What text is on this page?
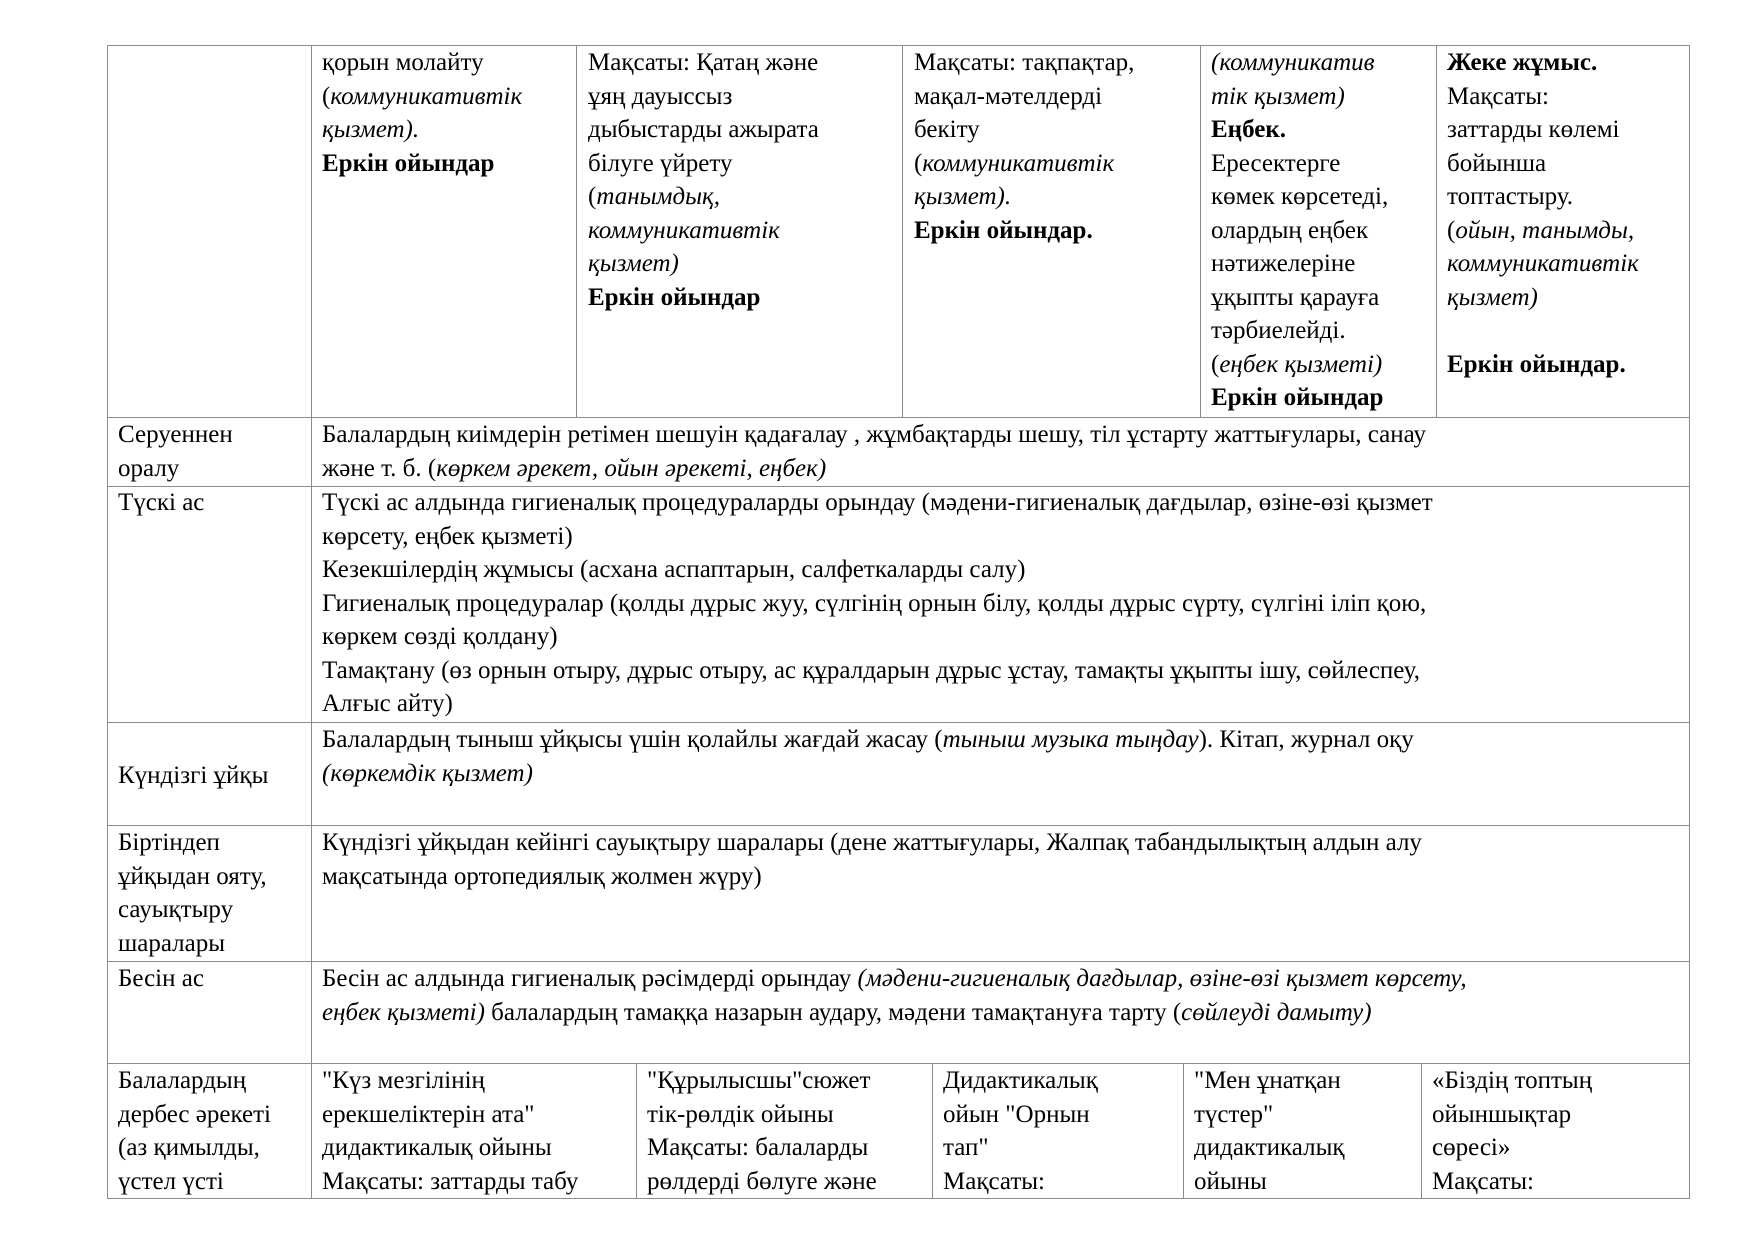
қорын молайту
(коммуникативтік
қызмет).
Еркін ойындар
Мақсаты: Қатаң және
ұяң дауыссыз
дыбыстарды ажырата
білуге үйрету
(танымдық,
коммуникативтік
қызмет)
Еркін ойындар
Мақсаты: тақпақтар,
мақал-мәтелдерді
бекіту
(коммуникативтік
қызмет).
Еркін ойындар.
(коммуникатив
тік қызмет)
Еңбек.
Ересектерге
көмек көрсетеді,
олардың еңбек
нәтижелеріне
ұқыпты қарауға
тәрбиелейді.
(еңбек қызметі)
Еркін ойындар
Жеке жұмыс.
Мақсаты:
заттарды көлемі
бойынша
топтастыру.
(ойын, танымды,
коммуникативтік
қызмет)

Еркін ойындар.
Серуеннен
оралу
Балалардың киімдерін ретімен шешуін қадағалау , жұмбақтарды шешу, тіл ұстарту жаттығулары, санау
және т. б. (көркем әрекет, ойын әрекеті, еңбек)
Түскі ас	Түскі ас алдында гигиеналық процедураларды орындау (мәдени-гигиеналық дағдылар, өзіне-өзі қызмет
көрсету, еңбек қызметі)
Кезекшілердің жұмысы (асхана аспаптарын, салфеткаларды салу)
Гигиеналық процедуралар (қолды дұрыс жуу, сүлгінің орнын білу, қолды дұрыс сүрту, сүлгіні іліп қою,
көркем сөзді қолдану)
Тамақтану (өз орнын отыру, дұрыс отыру, ас құралдарын дұрыс ұстау, тамақты ұқыпты ішу, сөйлеспеу,
Алғыс айту)
Күндізгі ұйқы
Балалардың тыныш ұйқысы үшін қолайлы жағдай жасау (тыныш музыка тыңдау). Кітап, журнал оқу
(көркемдік қызмет)
Біртіндеп
ұйқыдан ояту,
сауықтыру
шаралары
Күндізгі ұйқыдан кейінгі сауықтыру шаралары (дене жаттығулары, Жалпақ табандылықтың алдын алу
мақсатында ортопедиялық жолмен жүру)
Бесін ас	Бесін ас алдында гигиеналық рәсімдерді орындау (мәдени-гигиеналық дағдылар, өзіне-өзі қызмет көрсету,
еңбек қызметі) балалардың тамаққа назарын аудару, мәдени тамақтануға тарту (сөйлеуді дамыту)
Балалардың
дербес әрекеті
(аз қимылды,
үстел үсті
"Күз мезгілінің
ерекшеліктерін ата"
дидактикалық ойыны
Мақсаты: заттарды табу
"Құрылысшы"сюжет
тік-рөлдік ойыны
Мақсаты: балаларды
рөлдерді бөлуге және
Дидактикалық
ойын "Орнын
тап"
Мақсаты:
"Мен ұнатқан
түстер"
дидактикалық
ойыны
«Біздің топтың
ойыншықтар
сөресі»
Мақсаты:
